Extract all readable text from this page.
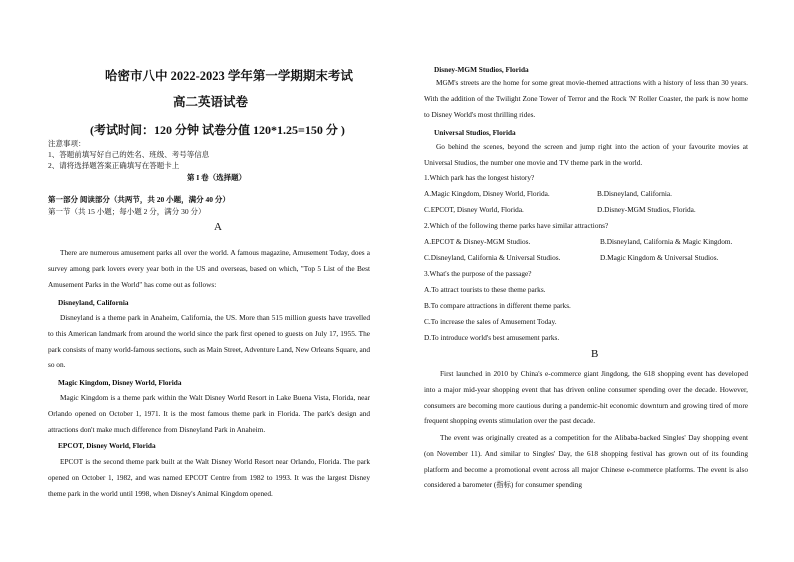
哈密市八中 2022-2023 学年第一学期期末考试
高二英语试卷
(考试时间：120 分钟 试卷分值 120*1.25=150 分 )
注意事项：
1、答题前填写好自己的姓名、班级、考号等信息
2、请将选择题答案正确填写在答题卡上
第 I 卷（选择题）
第一部分 阅读部分（共两节，共 20 小题，满分 40 分）
第一节（共 15 小题；每小题 2 分，满分 30 分）
A
There are numerous amusement parks all over the world. A famous magazine, Amusement Today, does a survey among park lovers every year both in the US and overseas, based on which, "Top 5 List of the Best Amusement Parks in the World" has come out as follows:
Disneyland, California
Disneyland is a theme park in Anaheim, California, the US. More than 515 million guests have travelled to this American landmark from around the world since the park first opened to guests on July 17, 1955. The park consists of many world-famous sections, such as Main Street, Adventure Land, New Orleans Square, and so on.
Magic Kingdom, Disney World, Florida
Magic Kingdom is a theme park within the Walt Disney World Resort in Lake Buena Vista, Florida, near Orlando opened on October 1, 1971. It is the most famous theme park in Florida. The park's design and attractions don't make much difference from Disneyland Park in Anaheim.
EPCOT, Disney World, Florida
EPCOT is the second theme park built at the Walt Disney World Resort near Orlando, Florida. The park opened on October 1, 1982, and was named EPCOT Centre from 1982 to 1993. It was the largest Disney theme park in the world until 1998, when Disney's Animal Kingdom opened.
Disney-MGM Studios, Florida
MGM's streets are the home for some great movie-themed attractions with a history of less than 30 years. With the addition of the Twilight Zone Tower of Terror and the Rock 'N' Roller Coaster, the park is now home to Disney World's most thrilling rides.
Universal Studios, Florida
Go behind the scenes, beyond the screen and jump right into the action of your favourite movies at Universal Studios, the number one movie and TV theme park in the world.
1.Which park has the longest history?
A.Magic Kingdom, Disney World, Florida.	B.Disneyland, California.
C.EPCOT, Disney World, Florida.	D.Disney-MGM Studios, Florida.
2.Which of the following theme parks have similar attractions?
A.EPCOT & Disney-MGM Studios.	B.Disneyland, California & Magic Kingdom.
C.Disneyland, California & Universal Studios.	D.Magic Kingdom & Universal Studios.
3.What's the purpose of the passage?
A.To attract tourists to these theme parks.
B.To compare attractions in different theme parks.
C.To increase the sales of Amusement Today.
D.To introduce world's best amusement parks.
B
First launched in 2010 by China's e-commerce giant Jingdong, the 618 shopping event has developed into a major mid-year shopping event that has driven online consumer spending over the decade. However, consumers are becoming more cautious during a pandemic-hit economic downturn and growing tired of more frequent shopping events stimulation over the past decade.
The event was originally created as a competition for the Alibaba-backed Singles' Day shopping event (on November 11). And similar to Singles' Day, the 618 shopping festival has grown out of its founding platform and become a promotional event across all major Chinese e-commerce platforms. The event is also considered a barometer (指标) for consumer spending
